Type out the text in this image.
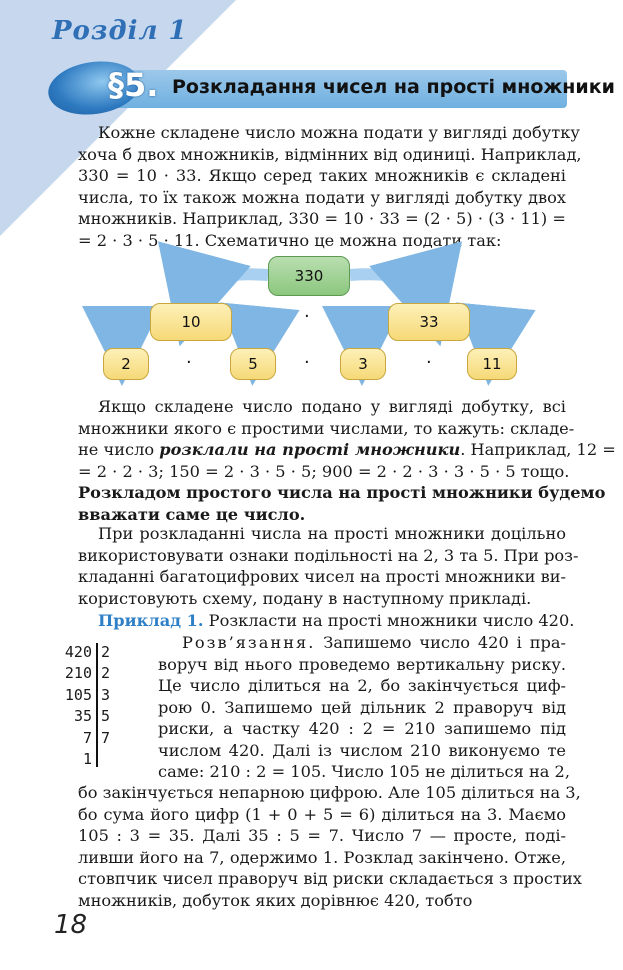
Розділ 1
§5. Розкладання чисел на прості множники
Кожне складене число можна подати у вигляді добутку
хоча б двох множників, відмінних від одиниці. Наприклад,
330 = 10 · 33. Якщо серед таких множників є складені
числа, то їх також можна подати у вигляді добутку двох
множників. Наприклад, 330 = 10 · 33 = (2 · 5) · (3 · 11) =
= 2 · 3 · 5 · 11. Схематично це можна подати так:
330
10	·	33
2	·	5	·	3	·	11
Якщо складене число подано у вигляді добутку, всі
множники якого є простими числами, то кажуть: складе-
не число розклали на прості множники. Наприклад, 12 =
= 2 · 2 · 3; 150 = 2 · 3 · 5 · 5; 900 = 2 · 2 · 3 · 3 · 5 · 5 тощо.
Розкладом простого числа на прості множники будемо
вважати саме це число.
При розкладанні числа на прості множники доцільно
використовувати ознаки подільності на 2, 3 та 5. При роз-
кладанні багатоцифрових чисел на прості множники ви-
користовують схему, подану в наступному прикладі.
Приклад 1. Розкласти на прості множники число 420.
420 2
210 2
105 3
35 5
7 7
1
Розв’язання. Запишемо число 420 і пра-
воруч від нього проведемо вертикальну риску.
Це число ділиться на 2, бо закінчується циф-
рою 0. Запишемо цей дільник 2 праворуч від
риски, а частку 420 : 2 = 210 запишемо під
числом 420. Далі із числом 210 виконуємо те
саме: 210 : 2 = 105. Число 105 не ділиться на 2,
бо закінчується непарною цифрою. Але 105 ділиться на 3,
бо сума його цифр (1 + 0 + 5 = 6) ділиться на 3. Маємо
105 : 3 = 35. Далі 35 : 5 = 7. Число 7 — просте, поді-
ливши його на 7, одержимо 1. Розклад закінчено. Отже,
стовпчик чисел праворуч від риски складається з простих
множників, добуток яких дорівнює 420, тобто
18
